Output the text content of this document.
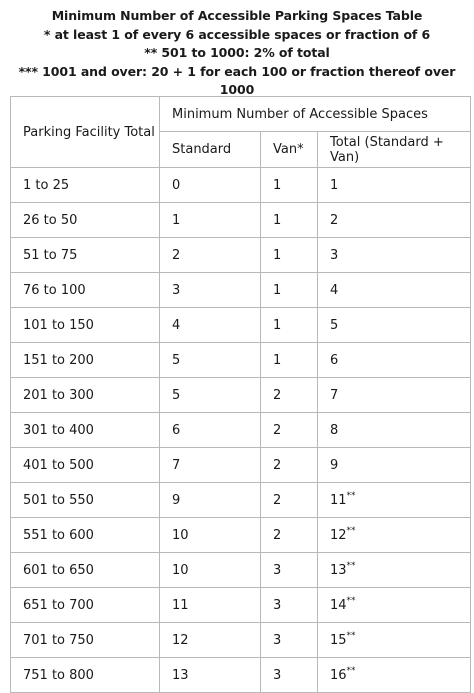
Minimum Number of Accessible Parking Spaces Table
* at least 1 of every 6 accessible spaces or fraction of 6
** 501 to 1000: 2% of total
*** 1001 and over: 20 + 1 for each 100 or fraction thereof over 1000
Parking Facility Total	Minimum Number of Accessible Spaces		
	Standard	Van*	Total (Standard + Van)
1 to 25	0	1	1
26 to 50	1	1	2
51 to 75	2	1	3
76 to 100	3	1	4
101 to 150	4	1	5
151 to 200	5	1	6
201 to 300	5	2	7
301 to 400	6	2	8
401 to 500	7	2	9
501 to 550	9	2	11**
551 to 600	10	2	12**
601 to 650	10	3	13**
651 to 700	11	3	14**
701 to 750	12	3	15**
751 to 800	13	3	16**
